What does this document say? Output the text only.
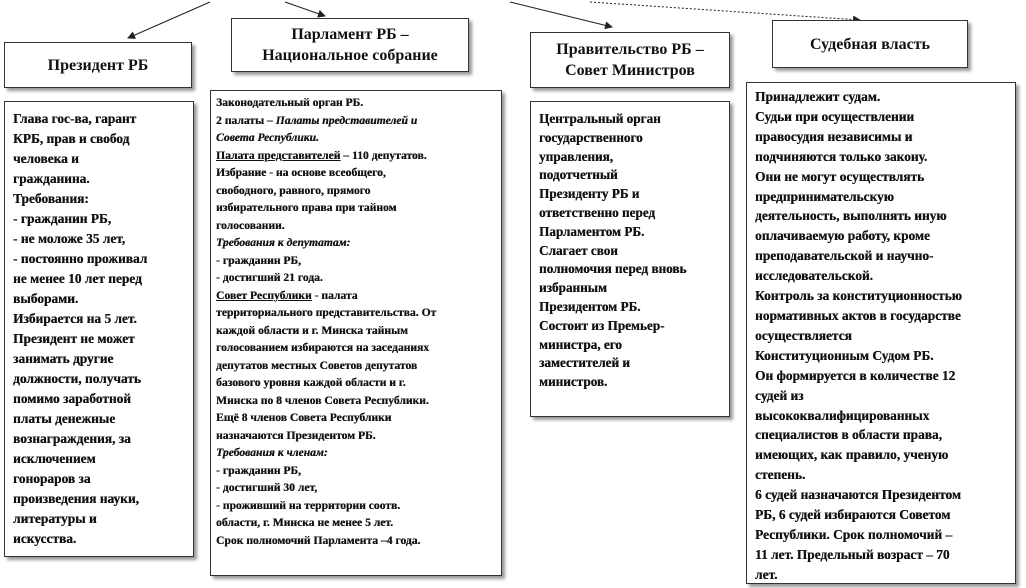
Президент РБ
Парламент РБ –
Национальное собрание	Правительство РБ –
Совет Министров
Судебная власть
Глава гос-ва, гарант
КРБ, прав и свобод
человека и
гражданина.
Требования:
- гражданин РБ,
- не моложе 35 лет,
- постоянно проживал
не менее 10 лет перед
выборами.
Избирается на 5 лет.
Президент не может
занимать другие
должности, получать
помимо заработной
платы денежные
вознаграждения, за
исключением
гонораров за
произведения науки,
литературы и
искусства.
Законодательный орган РБ.
2 палаты – Палаты представителей и
Совета Республики.
Палата представителей – 110 депутатов.
Избрание - на основе всеобщего,
свободного, равного, прямого
избирательного права при тайном
голосовании.
Требования к депутатам:
- гражданин РБ,
- достигший 21 года.
Совет Республики - палата
территориального представительства. От
каждой области и г. Минска тайным
голосованием избираются на заседаниях
депутатов местных Советов депутатов
базового уровня каждой области и г.
Минска по 8 членов Совета Республики.
Ещё 8 членов Совета Республики
назначаются Президентом РБ.
Требования к членам:
- гражданин РБ,
- достигший 30 лет,
- проживший на территории соотв.
области, г. Минска не менее 5 лет.
Срок полномочий Парламента –4 года.
Центральный орган
государственного
управления,
подотчетный
Президенту РБ и
ответственно перед
Парламентом РБ.
Слагает свои
полномочия перед вновь
избранным
Президентом РБ.
Состоит из Премьер-
министра, его
заместителей и
министров.
Принадлежит судам.
Судьи при осуществлении
правосудия независимы и
подчиняются только закону.
Они не могут осуществлять
предпринимательскую
деятельность, выполнять иную
оплачиваемую работу, кроме
преподавательской и научно-
исследовательской.
Контроль за конституционностью
нормативных актов в государстве
осуществляется
Конституционным Судом РБ.
Он формируется в количестве 12
судей из
высококвалифицированных
специалистов в области права,
имеющих, как правило, ученую
степень.
6 судей назначаются Президентом
РБ, 6 судей избираются Советом
Республики. Срок полномочий –
11 лет. Предельный возраст – 70
лет.
